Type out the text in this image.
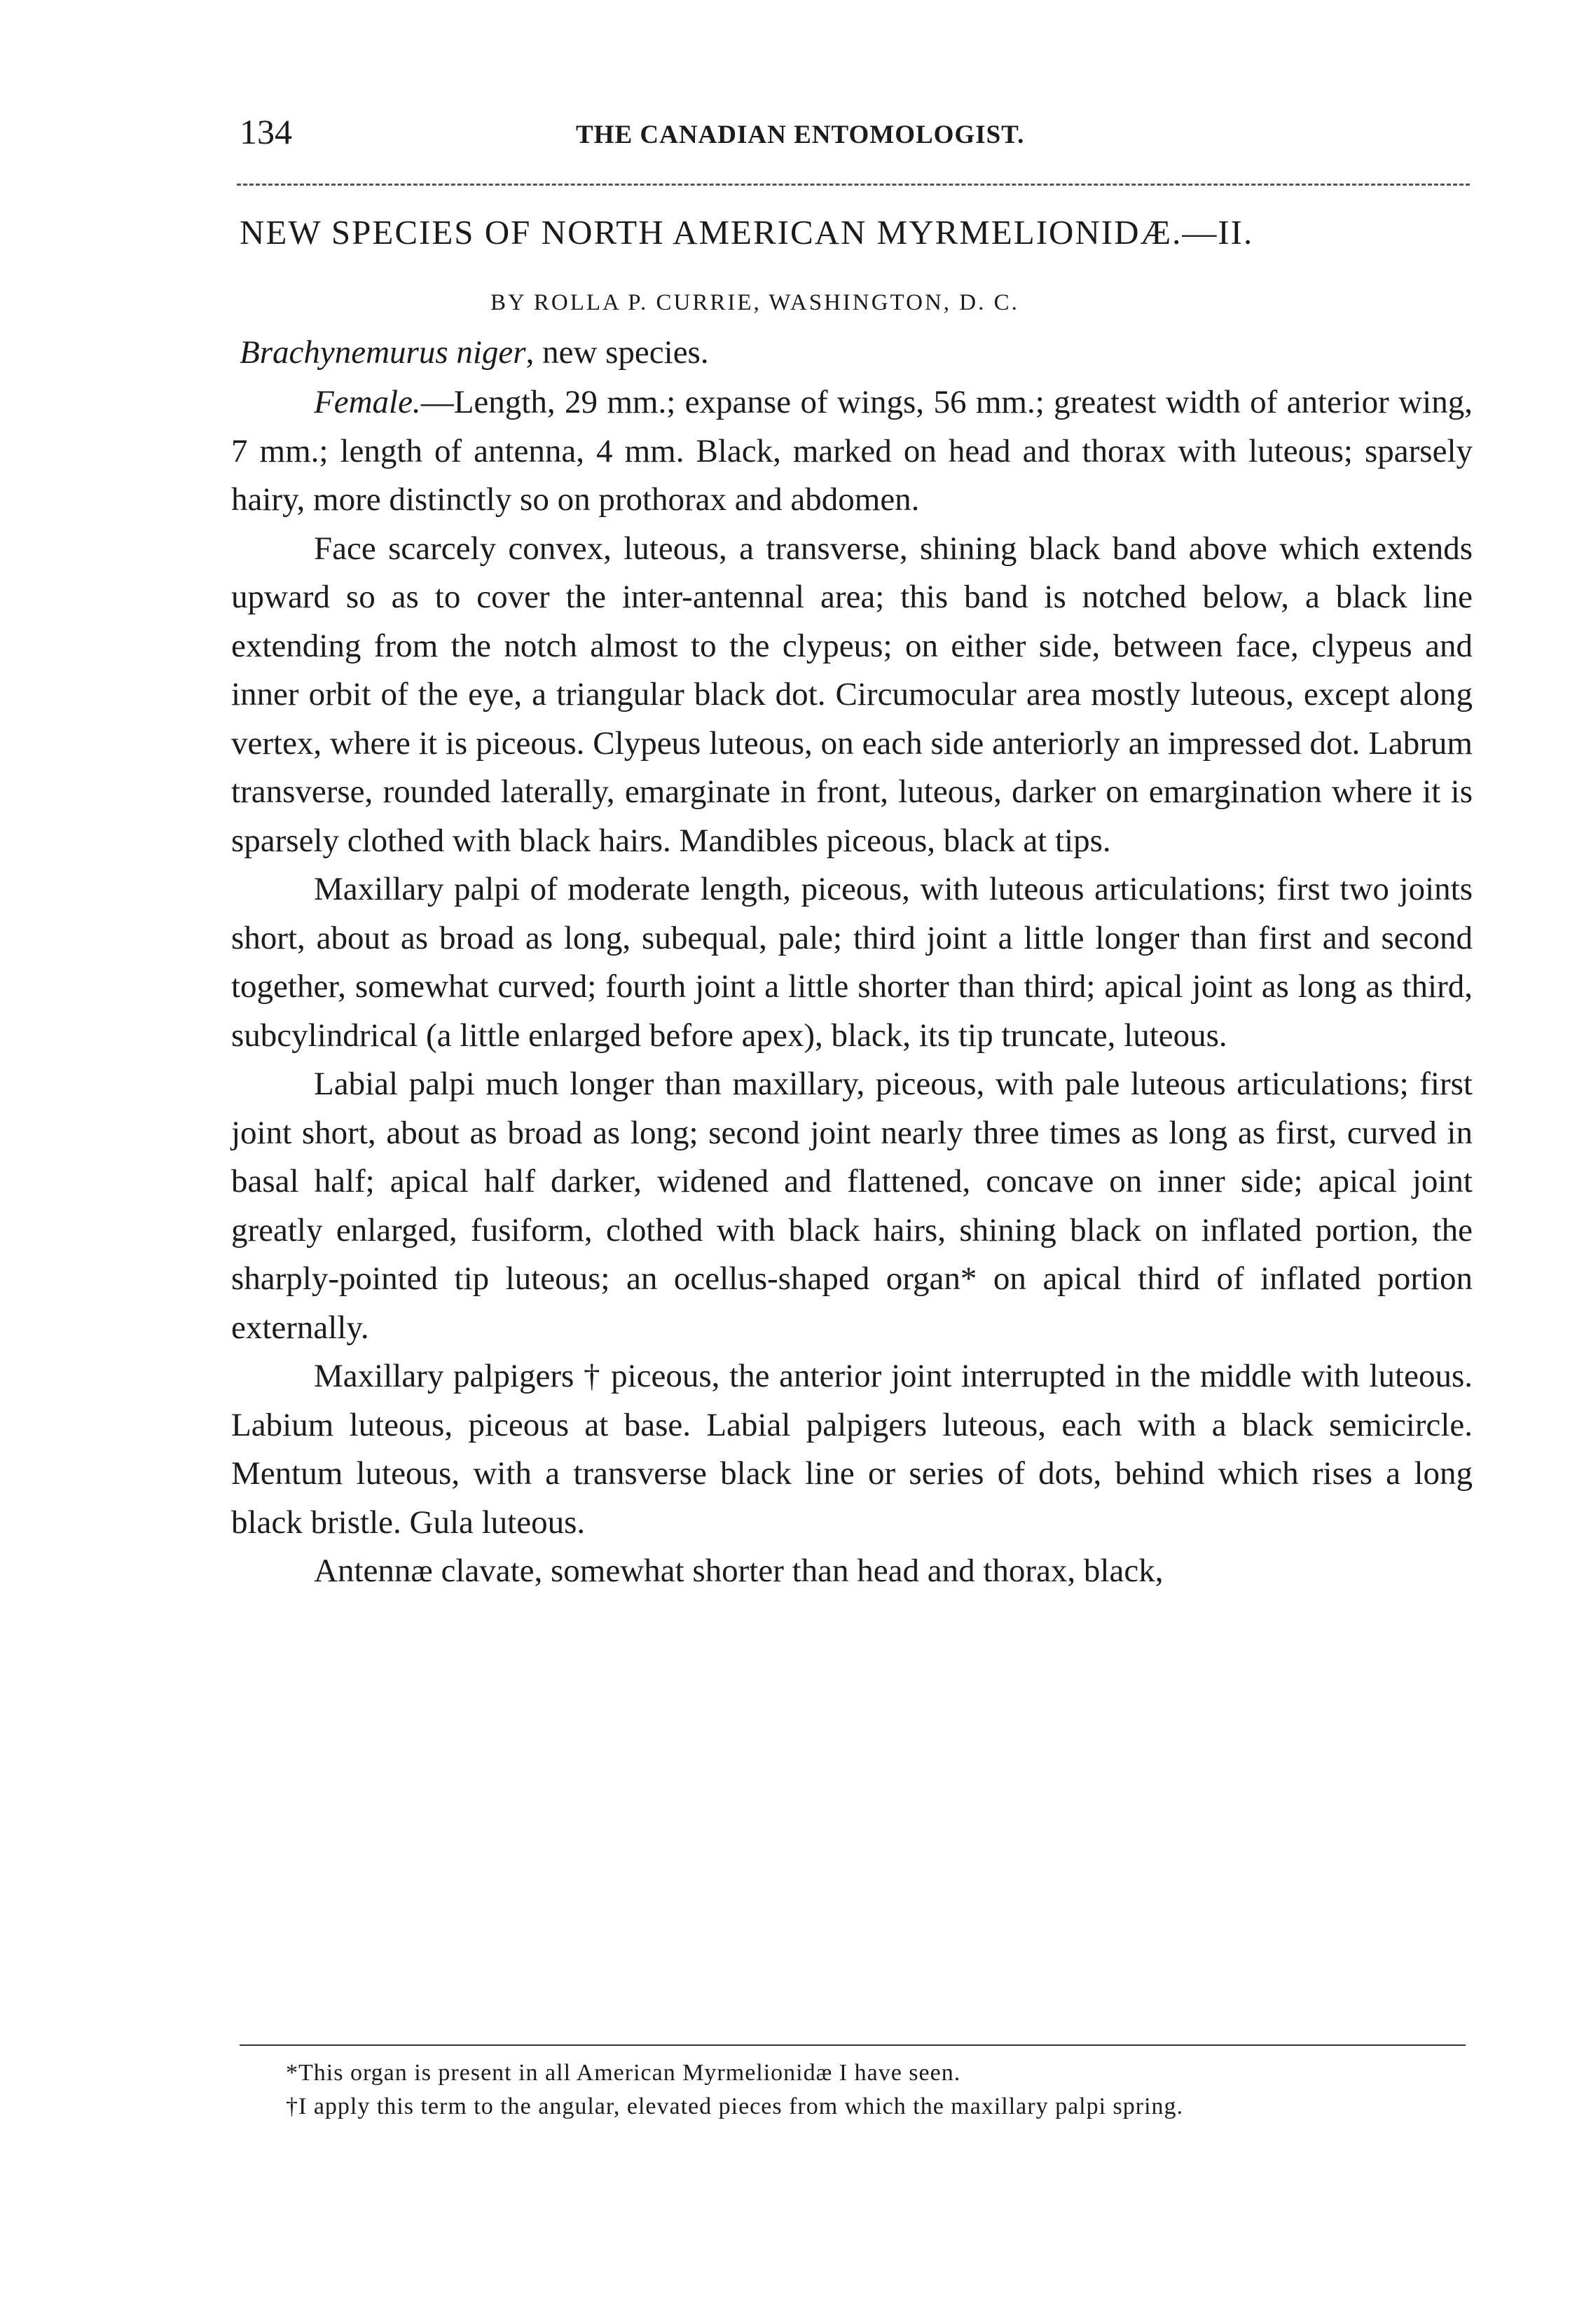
134	THE CANADIAN ENTOMOLOGIST.
NEW SPECIES OF NORTH AMERICAN MYRMELIONIDÆ.—II.
BY ROLLA P. CURRIE, WASHINGTON, D. C.
Brachynemurus niger, new species.

Female.—Length, 29 mm.; expanse of wings, 56 mm.; greatest width of anterior wing, 7 mm.; length of antenna, 4 mm. Black, marked on head and thorax with luteous; sparsely hairy, more distinctly so on prothorax and abdomen.

Face scarcely convex, luteous, a transverse, shining black band above which extends upward so as to cover the inter-antennal area; this band is notched below, a black line extending from the notch almost to the clypeus; on either side, between face, clypeus and inner orbit of the eye, a triangular black dot. Circumocular area mostly luteous, except along vertex, where it is piceous. Clypeus luteous, on each side anteriorly an impressed dot. Labrum transverse, rounded laterally, emarginate in front, luteous, darker on emargination where it is sparsely clothed with black hairs. Mandibles piceous, black at tips.

Maxillary palpi of moderate length, piceous, with luteous articulations; first two joints short, about as broad as long, subequal, pale; third joint a little longer than first and second together, somewhat curved; fourth joint a little shorter than third; apical joint as long as third, subcylindrical (a little enlarged before apex), black, its tip truncate, luteous.

Labial palpi much longer than maxillary, piceous, with pale luteous articulations; first joint short, about as broad as long; second joint nearly three times as long as first, curved in basal half; apical half darker, widened and flattened, concave on inner side; apical joint greatly enlarged, fusiform, clothed with black hairs, shining black on inflated portion, the sharply-pointed tip luteous; an ocellus-shaped organ* on apical third of inflated portion externally.

Maxillary palpigers † piceous, the anterior joint interrupted in the middle with luteous. Labium luteous, piceous at base. Labial palpigers luteous, each with a black semicircle. Mentum luteous, with a transverse black line or series of dots, behind which rises a long black bristle. Gula luteous.

Antennæ clavate, somewhat shorter than head and thorax, black,

*This organ is present in all American Myrmelionidæ I have seen.

†I apply this term to the angular, elevated pieces from which the maxillary palpi spring.
